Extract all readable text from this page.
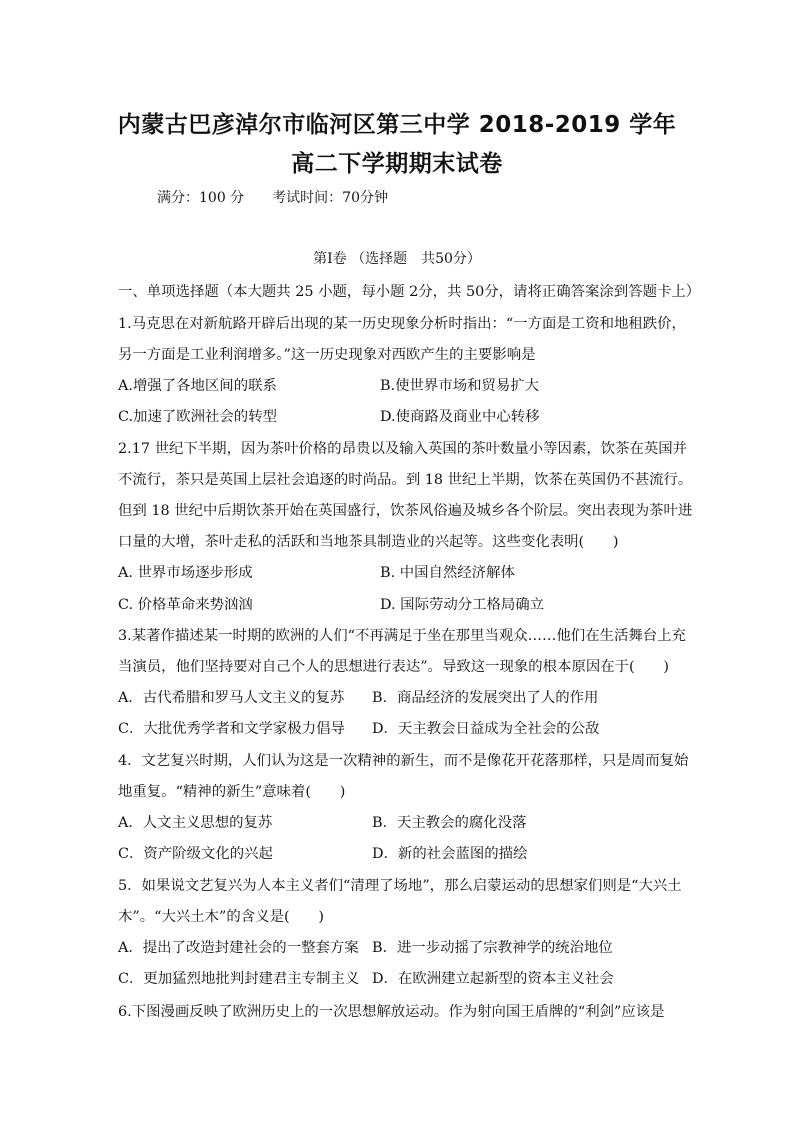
内蒙古巴彦淖尔市临河区第三中学 2018-2019 学年
高二下学期期末试卷
满分：100 分 考试时间：70分钟
第Ⅰ卷 （选择题　共50分）
一、单项选择题（本大题共 25 小题，每小题 2分，共 50分，请将正确答案涂到答题卡上）
1.马克思在对新航路开辟后出现的某一历史现象分析时指出：“一方面是工资和地租跌价，
另一方面是工业利润增多。”这一历史现象对西欧产生的主要影响是
A.增强了各地区间的联系	B.使世界市场和贸易扩大
C.加速了欧洲社会的转型	D.使商路及商业中心转移
2.17 世纪下半期，因为茶叶价格的昂贵以及输入英国的茶叶数量小等因素，饮茶在英国并
不流行，茶只是英国上层社会追逐的时尚品。到 18 世纪上半期，饮茶在英国仍不甚流行。
但到 18 世纪中后期饮茶开始在英国盛行，饮茶风俗遍及城乡各个阶层。突出表现为茶叶进
口量的大增，茶叶走私的活跃和当地茶具制造业的兴起等。这些变化表明(　　)
A. 世界市场逐步形成	B. 中国自然经济解体
C. 价格革命来势汹汹	D. 国际劳动分工格局确立
3.某著作描述某一时期的欧洲的人们“不再满足于坐在那里当观众……他们在生活舞台上充
当演员，他们坚持要对自己个人的思想进行表达”。导致这一现象的根本原因在于(　　)
A．古代希腊和罗马人文主义的复苏 B．商品经济的发展突出了人的作用
C．大批优秀学者和文学家极力倡导 D．天主教会日益成为全社会的公敌
4．文艺复兴时期，人们认为这是一次精神的新生，而不是像花开花落那样，只是周而复始
地重复。“精神的新生”意味着(　　)
A．人文主义思想的复苏	B．天主教会的腐化没落
C．资产阶级文化的兴起	D．新的社会蓝图的描绘
5．如果说文艺复兴为人本主义者们“清理了场地”，那么启蒙运动的思想家们则是“大兴土
木”。“大兴土木”的含义是(　　)
A．提出了改造封建社会的一整套方案 B．进一步动摇了宗教神学的统治地位
C．更加猛烈地批判封建君主专制主义 D．在欧洲建立起新型的资本主义社会
6.下图漫画反映了欧洲历史上的一次思想解放运动。作为射向国王盾牌的“利剑”应该是
